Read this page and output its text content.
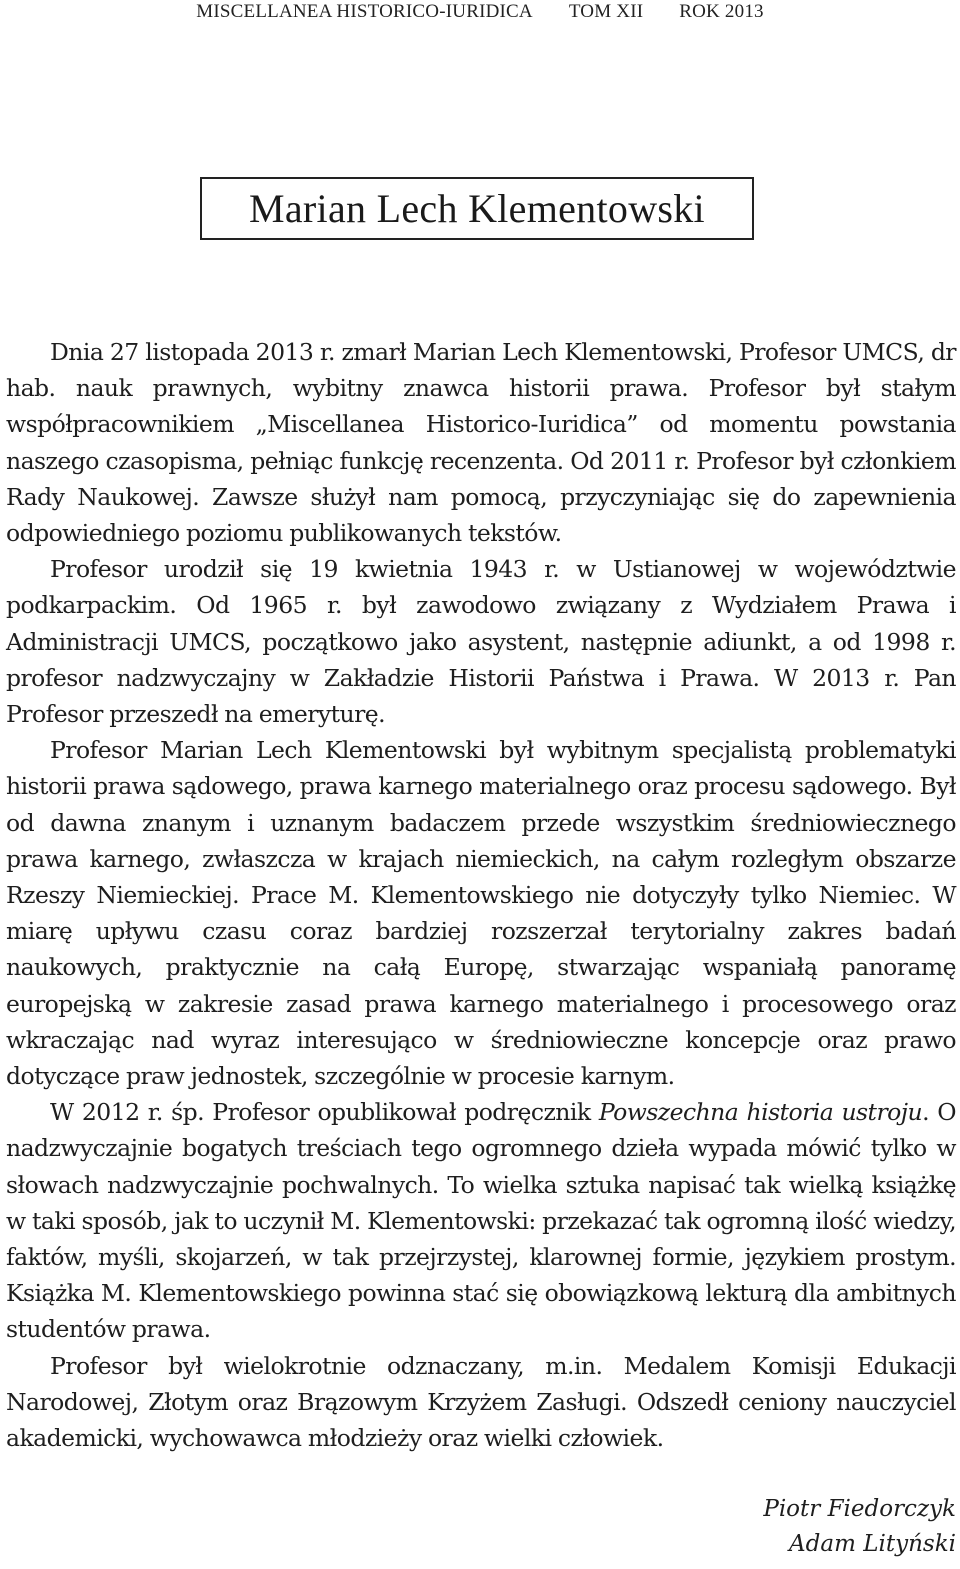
MISCELLANEA HISTORICO-IURIDICA TOM XII ROK 2013
Marian Lech Klementowski

Dnia 27 listopada 2013 r. zmarł Marian Lech Klementowski, Profesor UMCS, dr hab. nauk prawnych, wybitny znawca historii prawa. Profesor był stałym współpracownikiem „Miscellanea Historico-Iuridica” od momentu powstania naszego czasopisma, pełniąc funkcję recenzenta. Od 2011 r. Profesor był członkiem Rady Naukowej. Zawsze służył nam pomocą, przyczyniając się do zapewnienia odpowiedniego poziomu publikowanych tekstów.

Profesor urodził się 19 kwietnia 1943 r. w Ustianowej w województwie podkarpackim. Od 1965 r. był zawodowo związany z Wydziałem Prawa i Administracji UMCS, początkowo jako asystent, następnie adiunkt, a od 1998 r. profesor nadzwyczajny w Zakładzie Historii Państwa i Prawa. W 2013 r. Pan Profesor przeszedł na emeryturę.

Profesor Marian Lech Klementowski był wybitnym specjalistą problematyki historii prawa sądowego, prawa karnego materialnego oraz procesu sądowego. Był od dawna znanym i uznanym badaczem przede wszystkim średniowiecznego prawa karnego, zwłaszcza w krajach niemieckich, na całym rozległym obszarze Rzeszy Niemieckiej. Prace M. Klementowskiego nie dotyczyły tylko Niemiec. W miarę upływu czasu coraz bardziej rozszerzał terytorialny zakres badań naukowych, praktycznie na całą Europę, stwarzając wspaniałą panoramę europejską w zakresie zasad prawa karnego materialnego i procesowego oraz wkraczając nad wyraz interesująco w średniowieczne koncepcje oraz prawo dotyczące praw jednostek, szczególnie w procesie karnym.

W 2012 r. śp. Profesor opublikował podręcznik Powszechna historia ustroju. O nadzwyczajnie bogatych treściach tego ogromnego dzieła wypada mówić tylko w słowach nadzwyczajnie pochwalnych. To wielka sztuka napisać tak wielką książkę w taki sposób, jak to uczynił M. Klementowski: przekazać tak ogromną ilość wiedzy, faktów, myśli, skojarzeń, w tak przejrzystej, klarownej formie, językiem prostym. Książka M. Klementowskiego powinna stać się obowiązkową lekturą dla ambitnych studentów prawa.

Profesor był wielokrotnie odznaczany, m.in. Medalem Komisji Edukacji Narodowej, Złotym oraz Brązowym Krzyżem Zasługi. Odszedł ceniony nauczyciel akademicki, wychowawca młodzieży oraz wielki człowiek.

Piotr Fiedorczyk
Adam Lityński
